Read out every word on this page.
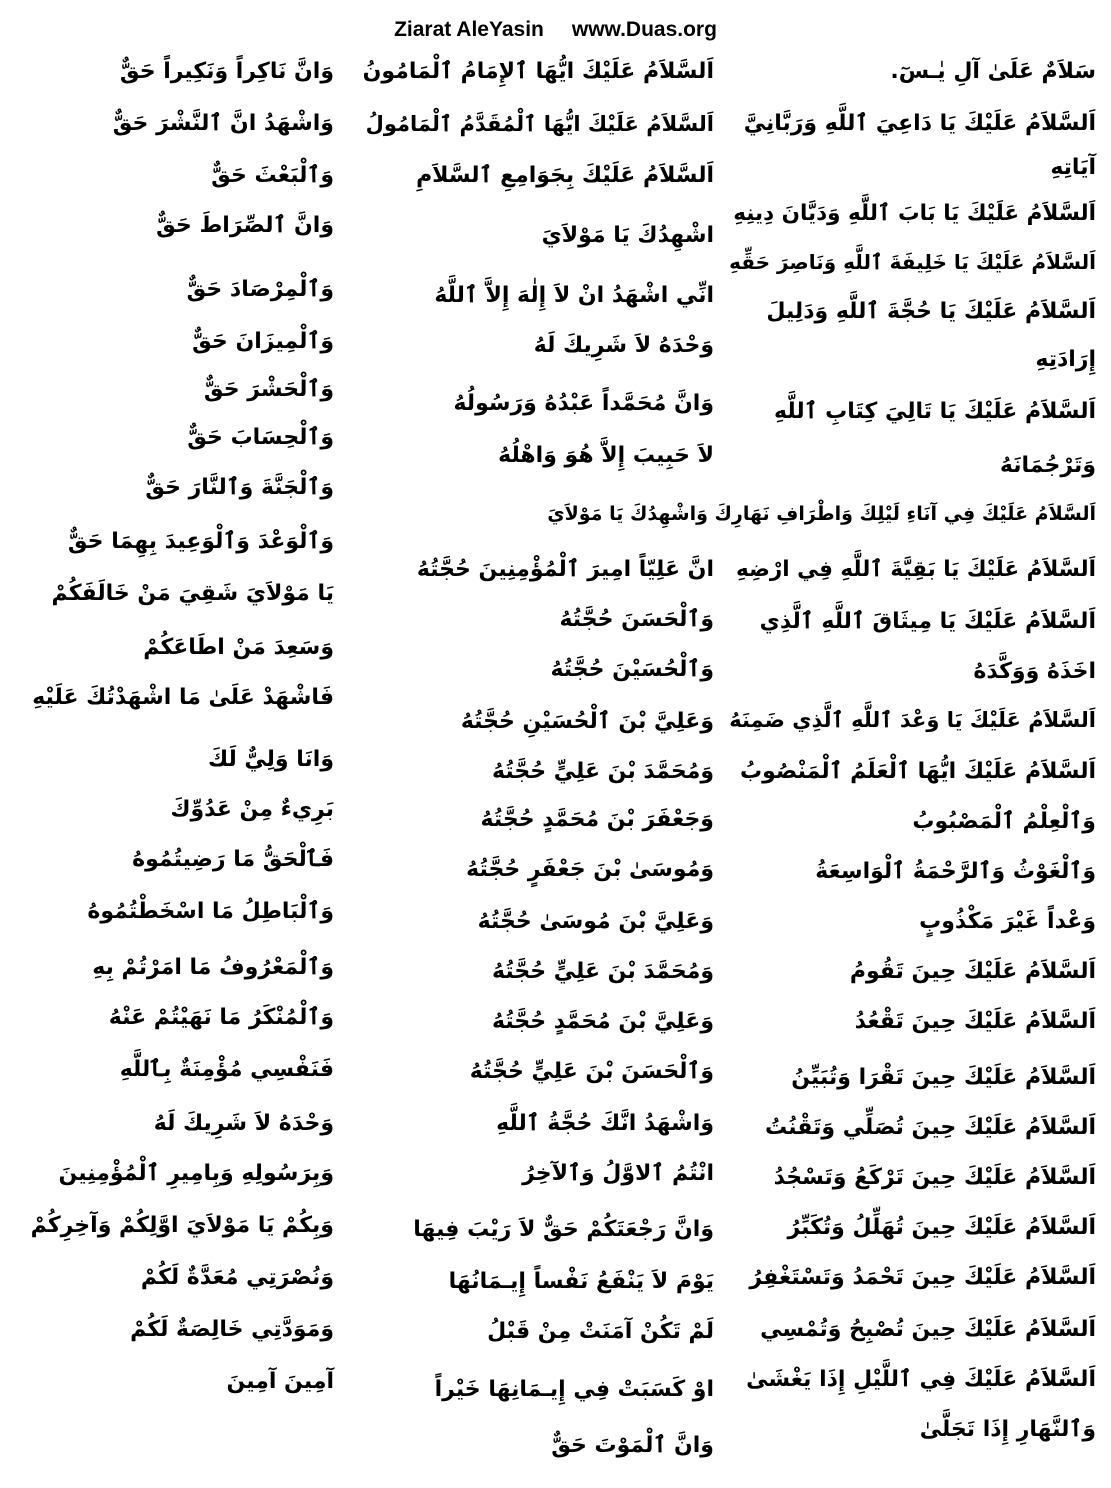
Ziarat AleYasin www.Duas.org
سَلاَمٌ عَلَىٰ آلِ يٰـسٓ.
اَلسَّلاَمُ عَلَيْكَ يَا دَاعِيَ ٱللَّهِ وَرَبَّانِيَّ
آيَاتِهِ
اَلسَّلاَمُ عَلَيْكَ يَا بَابَ ٱللَّهِ وَدَيَّانَ دِينِهِ
اَلسَّلاَمُ عَلَيْكَ يَا خَلِيفَةَ ٱللَّهِ وَنَاصِرَ حَقِّهِ
اَلسَّلاَمُ عَلَيْكَ يَا حُجَّةَ ٱللَّهِ وَدَلِيلَ
إِرَادَتِهِ
اَلسَّلاَمُ عَلَيْكَ يَا تَالِيَ كِتَابِ ٱللَّهِ
وَتَرْجُمَانَهُ
اَلسَّلاَمُ عَلَيْكَ يَا بَقِيَّةَ ٱللَّهِ فِي ارْضِهِ
اَلسَّلاَمُ عَلَيْكَ يَا مِيثَاقَ ٱللَّهِ ٱلَّذِي
اخَذَهُ وَوَكَّدَهُ
اَلسَّلاَمُ عَلَيْكَ يَا وَعْدَ ٱللَّهِ ٱلَّذِي ضَمِنَهُ
اَلسَّلاَمُ عَلَيْكَ ايُّهَا ٱلْعَلَمُ ٱلْمَنْصُوبُ
وَٱلْعِلْمُ ٱلْمَصْبُوبُ
وَٱلْغَوْثُ وَٱلرَّحْمَةُ ٱلْوَاسِعَةُ
وَعْداً غَيْرَ مَكْذُوبٍ
اَلسَّلاَمُ عَلَيْكَ حِينَ تَقُومُ
اَلسَّلاَمُ عَلَيْكَ حِينَ تَقْعُدُ
اَلسَّلاَمُ عَلَيْكَ حِينَ تَقْرَا وَتُبَيِّنُ
اَلسَّلاَمُ عَلَيْكَ حِينَ تُصَلِّي وَتَقْنُتُ
اَلسَّلاَمُ عَلَيْكَ حِينَ تَرْكَعُ وَتَسْجُدُ
اَلسَّلاَمُ عَلَيْكَ حِينَ تُهَلِّلُ وَتُكَبِّرُ
اَلسَّلاَمُ عَلَيْكَ حِينَ تَحْمَدُ وَتَسْتَغْفِرُ
اَلسَّلاَمُ عَلَيْكَ حِينَ تُصْبِحُ وَتُمْسِي
اَلسَّلاَمُ عَلَيْكَ فِي ٱللَّيْلِ إِذَا يَغْشَىٰ
وَٱلنَّهَارِ إِذَا تَجَلَّىٰ
اَلسَّلاَمُ عَلَيْكَ فِي آنَاءِ لَيْلِكَ وَاطْرَافِ نَهَارِكَ وَاشْهِدُكَ يَا مَوْلاَيَ
اَلسَّلاَمُ عَلَيْكَ ايُّهَا ٱلإِمَامُ ٱلْمَامُونُ
اَلسَّلاَمُ عَلَيْكَ ايُّهَا ٱلْمُقَدَّمُ ٱلْمَامُولُ
اَلسَّلاَمُ عَلَيْكَ بِجَوَامِعِ ٱلسَّلاَمِ
اشْهِدُكَ يَا مَوْلاَيَ
انِّي اشْهَدُ انْ لاَ إِلٰهَ إِلاَّ ٱللَّهُ
وَحْدَهُ لاَ شَرِيكَ لَهُ
وَانَّ مُحَمَّداً عَبْدُهُ وَرَسُولُهُ
لاَ حَبِيبَ إِلاَّ هُوَ وَاهْلُهُ
انَّ عَلِيّاً امِيرَ ٱلْمُؤْمِنِينَ حُجَّتُهُ
وَٱلْحَسَنَ حُجَّتُهُ
وَٱلْحُسَيْنَ حُجَّتُهُ
وَعَلِيَّ بْنَ ٱلْحُسَيْنِ حُجَّتُهُ
وَمُحَمَّدَ بْنَ عَلِيٍّ حُجَّتُهُ
وَجَعْفَرَ بْنَ مُحَمَّدٍ حُجَّتُهُ
وَمُوسَىٰ بْنَ جَعْفَرٍ حُجَّتُهُ
وَعَلِيَّ بْنَ مُوسَىٰ حُجَّتُهُ
وَمُحَمَّدَ بْنَ عَلِيٍّ حُجَّتُهُ
وَعَلِيَّ بْنَ مُحَمَّدٍ حُجَّتُهُ
وَٱلْحَسَنَ بْنَ عَلِيٍّ حُجَّتُهُ
وَاشْهَدُ انَّكَ حُجَّةُ ٱللَّهِ
انْتُمُ ٱلاوَّلُ وَٱلآخِرُ
وَانَّ رَجْعَتَكُمْ حَقٌّ لاَ رَيْبَ فِيهَا
يَوْمَ لاَ يَنْفَعُ نَفْساً إِيـمَانُهَا
لَمْ تَكُنْ آمَنَتْ مِنْ قَبْلُ
اوْ كَسَبَتْ فِي إِيـمَانِهَا خَيْراً
وَانَّ ٱلْمَوْتَ حَقٌّ
وَانَّ نَاكِراً وَنَكِيراً حَقٌّ
وَاشْهَدُ انَّ ٱلنَّشْرَ حَقٌّ
وَٱلْبَعْثَ حَقٌّ
وَانَّ ٱلصِّرَاطَ حَقٌّ
وَٱلْمِرْصَادَ حَقٌّ
وَٱلْمِيزَانَ حَقٌّ
وَٱلْحَشْرَ حَقٌّ
وَٱلْحِسَابَ حَقٌّ
وَٱلْجَنَّةَ وَٱلنَّارَ حَقٌّ
وَٱلْوَعْدَ وَٱلْوَعِيدَ بِهِمَا حَقٌّ
يَا مَوْلاَيَ شَقِيَ مَنْ خَالَفَكُمْ
وَسَعِدَ مَنْ اطَاعَكُمْ
فَاشْهَدْ عَلَىٰ مَا اشْهَدْتُكَ عَلَيْهِ
وَانَا وَلِيٌّ لَكَ
بَرِيءٌ مِنْ عَدُوِّكَ
فَٱلْحَقُّ مَا رَضِيتُمُوهُ
وَٱلْبَاطِلُ مَا اسْخَطْتُمُوهُ
وَٱلْمَعْرُوفُ مَا امَرْتُمْ بِهِ
وَٱلْمُنْكَرُ مَا نَهَيْتُمْ عَنْهُ
فَنَفْسِي مُؤْمِنَةٌ بِٱللَّهِ
وَحْدَهُ لاَ شَرِيكَ لَهُ
وَبِرَسُولِهِ وَبِامِيرِ ٱلْمُؤْمِنِينَ
وَبِكُمْ يَا مَوْلاَيَ اوَّلِكُمْ وَآخِرِكُمْ
وَنُصْرَتِي مُعَدَّةٌ لَكُمْ
وَمَوَدَّتِي خَالِصَةٌ لَكُمْ
آمِينَ آمِينَ
